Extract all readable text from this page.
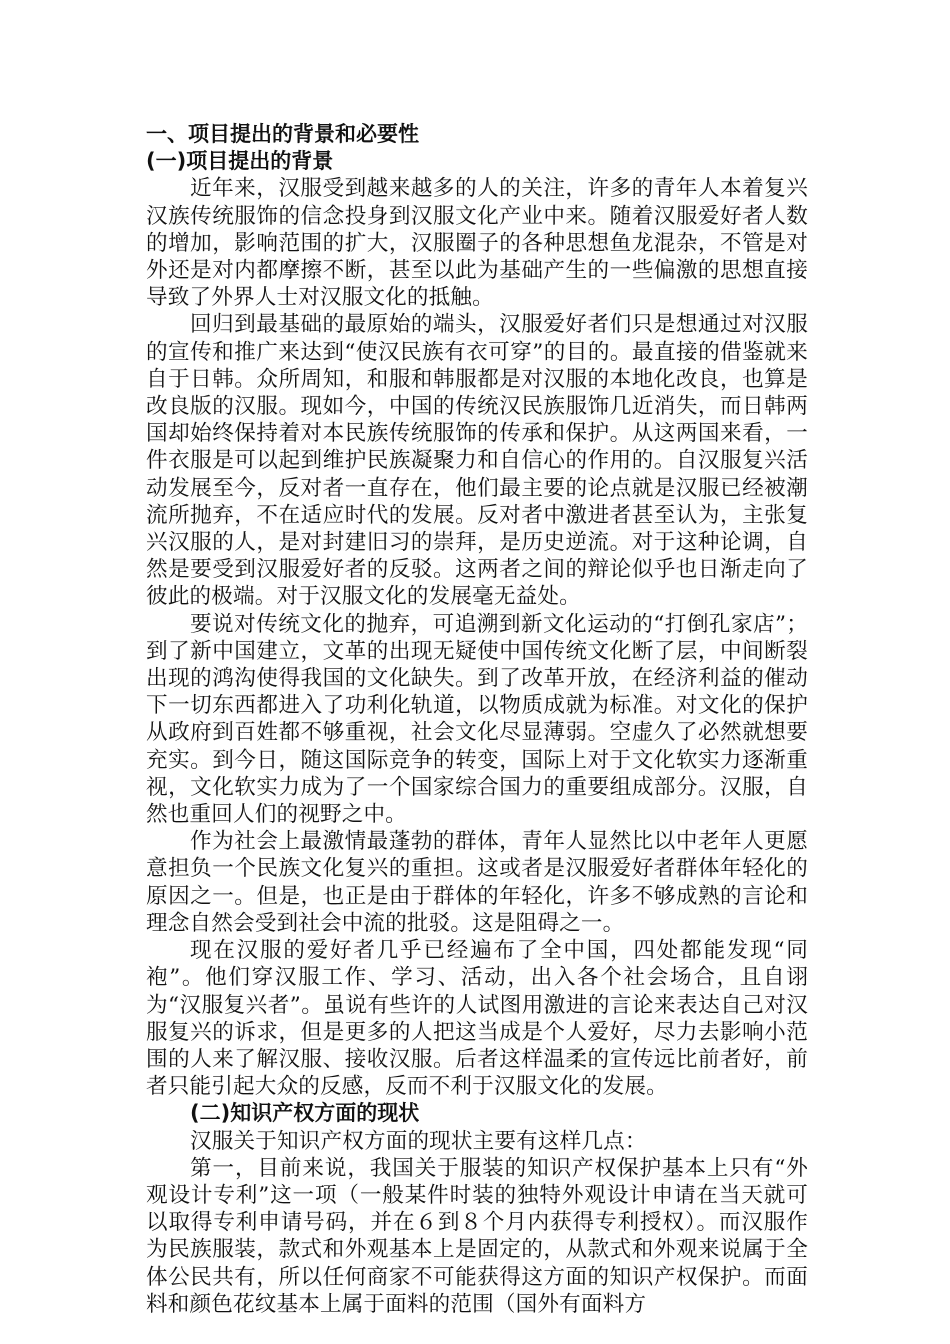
一、项目提出的背景和必要性
(一)项目提出的背景

近年来，汉服受到越来越多的人的关注，许多的青年人本着复兴汉族传统服饰的信念投身到汉服文化产业中来。随着汉服爱好者人数的增加，影响范围的扩大，汉服圈子的各种思想鱼龙混杂，不管是对外还是对内都摩擦不断，甚至以此为基础产生的一些偏激的思想直接导致了外界人士对汉服文化的抵触。

回归到最基础的最原始的端头，汉服爱好者们只是想通过对汉服的宣传和推广来达到“使汉民族有衣可穿”的目的。最直接的借鉴就来自于日韩。众所周知，和服和韩服都是对汉服的本地化改良，也算是改良版的汉服。现如今，中国的传统汉民族服饰几近消失，而日韩两国却始终保持着对本民族传统服饰的传承和保护。从这两国来看，一件衣服是可以起到维护民族凝聚力和自信心的作用的。自汉服复兴活动发展至今，反对者一直存在，他们最主要的论点就是汉服已经被潮流所抛弃，不在适应时代的发展。反对者中激进者甚至认为，主张复兴汉服的人，是对封建旧习的崇拜，是历史逆流。对于这种论调，自然是要受到汉服爱好者的反驳。这两者之间的辩论似乎也日渐走向了彼此的极端。对于汉服文化的发展毫无益处。

要说对传统文化的抛弃，可追溯到新文化运动的“打倒孔家店”；到了新中国建立，文革的出现无疑使中国传统文化断了层，中间断裂出现的鸿沟使得我国的文化缺失。到了改革开放，在经济利益的催动下一切东西都进入了功利化轨道，以物质成就为标准。对文化的保护从政府到百姓都不够重视，社会文化尽显薄弱。空虚久了必然就想要充实。到今日，随这国际竞争的转变，国际上对于文化软实力逐渐重视，文化软实力成为了一个国家综合国力的重要组成部分。汉服，自然也重回人们的视野之中。

作为社会上最激情最蓬勃的群体，青年人显然比以中老年人更愿意担负一个民族文化复兴的重担。这或者是汉服爱好者群体年轻化的原因之一。但是，也正是由于群体的年轻化，许多不够成熟的言论和理念自然会受到社会中流的批驳。这是阻碍之一。

现在汉服的爱好者几乎已经遍布了全中国，四处都能发现“同袍”。他们穿汉服工作、学习、活动，出入各个社会场合，且自诩为“汉服复兴者”。虽说有些许的人试图用激进的言论来表达自己对汉服复兴的诉求，但是更多的人把这当成是个人爱好，尽力去影响小范围的人来了解汉服、接收汉服。后者这样温柔的宣传远比前者好，前者只能引起大众的反感，反而不利于汉服文化的发展。

(二)知识产权方面的现状

汉服关于知识产权方面的现状主要有这样几点：

第一，目前来说，我国关于服装的知识产权保护基本上只有“外观设计专利”这一项（一般某件时装的独特外观设计申请在当天就可以取得专利申请号码，并在６到８个月内获得专利授权）。而汉服作为民族服装，款式和外观基本上是固定的，从款式和外观来说属于全体公民共有，所以任何商家不可能获得这方面的知识产权保护。而面料和颜色花纹基本上属于面料的范围（国外有面料方
